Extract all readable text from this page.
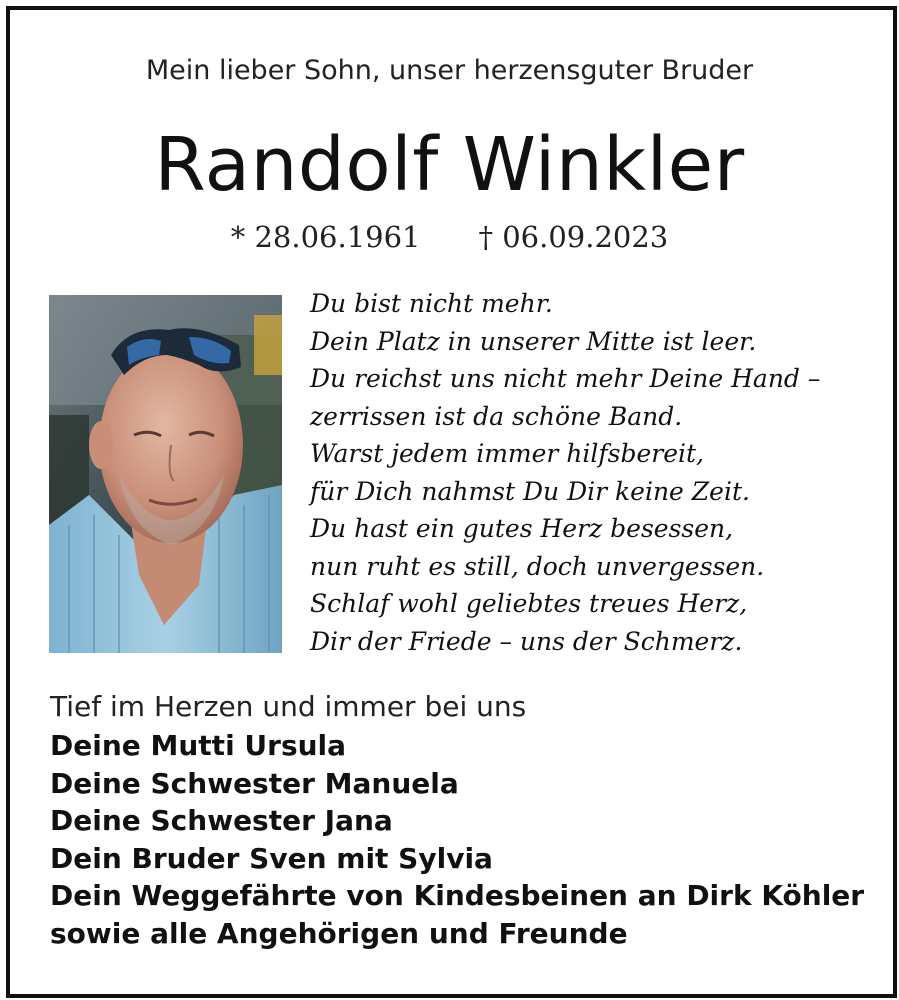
Mein lieber Sohn, unser herzensguter Bruder
Randolf Winkler
* 28.06.1961 † 06.09.2023
Du bist nicht mehr.
Dein Platz in unserer Mitte ist leer.
Du reichst uns nicht mehr Deine Hand –
zerrissen ist da schöne Band.
Warst jedem immer hilfsbereit,
für Dich nahmst Du Dir keine Zeit.
Du hast ein gutes Herz besessen,
nun ruht es still, doch unvergessen.
Schlaf wohl geliebtes treues Herz,
Dir der Friede – uns der Schmerz.
Tief im Herzen und immer bei uns
Deine Mutti Ursula
Deine Schwester Manuela
Deine Schwester Jana
Dein Bruder Sven mit Sylvia
Dein Weggefährte von Kindesbeinen an Dirk Köhler
sowie alle Angehörigen und Freunde
